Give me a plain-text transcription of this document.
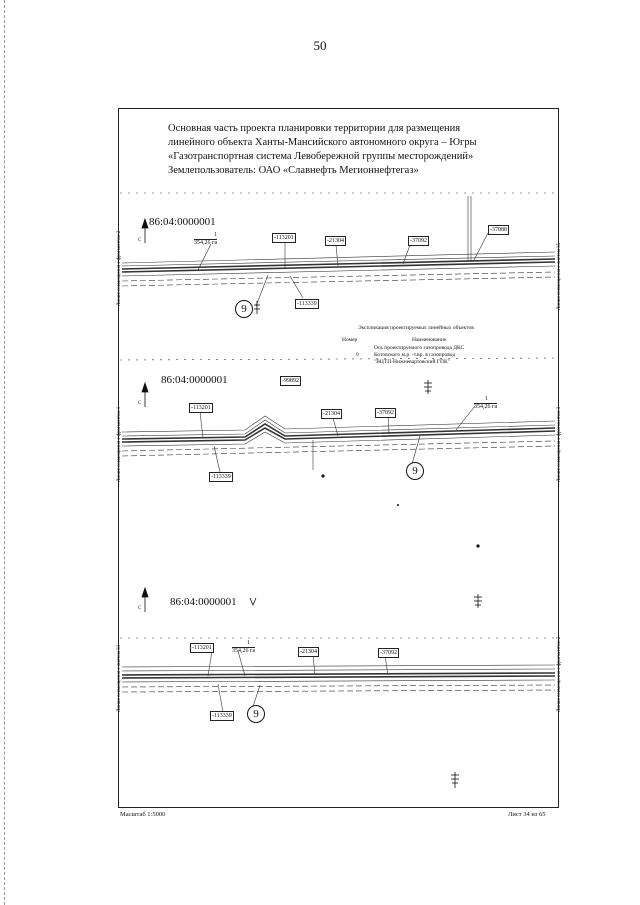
50
Основная часть проекта планировки территории для размещения
линейного объекта Ханты-Мансийского автономного округа – Югры
«Газотранспортная система Левобережной группы месторождений»
Землепользователь: ОАО «Славнефть Мегионнефтегаз»
86:04:0000001
С
1
354,26 га
-113201	-21304	-37092
-37088
-113339
9
Линия совмещения с фрагментом 2	Линия совмещения с листом 35
Экспликация проектируемых линейных объектов
Номер	Наименование
9
Ось проектируемого газопровода ДКС
Котовского м.р. -т.вр. в газопровод
"ВЦТП-Нижневартовский ГПК"
86:04:0000001
С
-99892
-113201
-21304	-37092
1
354,26 га
-113339	9
Линия совмещения с фрагментом 1	Линия совмещения с фрагментом 3
86:04:0000001
С
-113201
1
354,26 га	-21304	-37092
-113339	9
Линия совмещения с листом 33	Линия совмещения с фрагментом 2
Масштаб 1:5000	Лист 34 из 65
